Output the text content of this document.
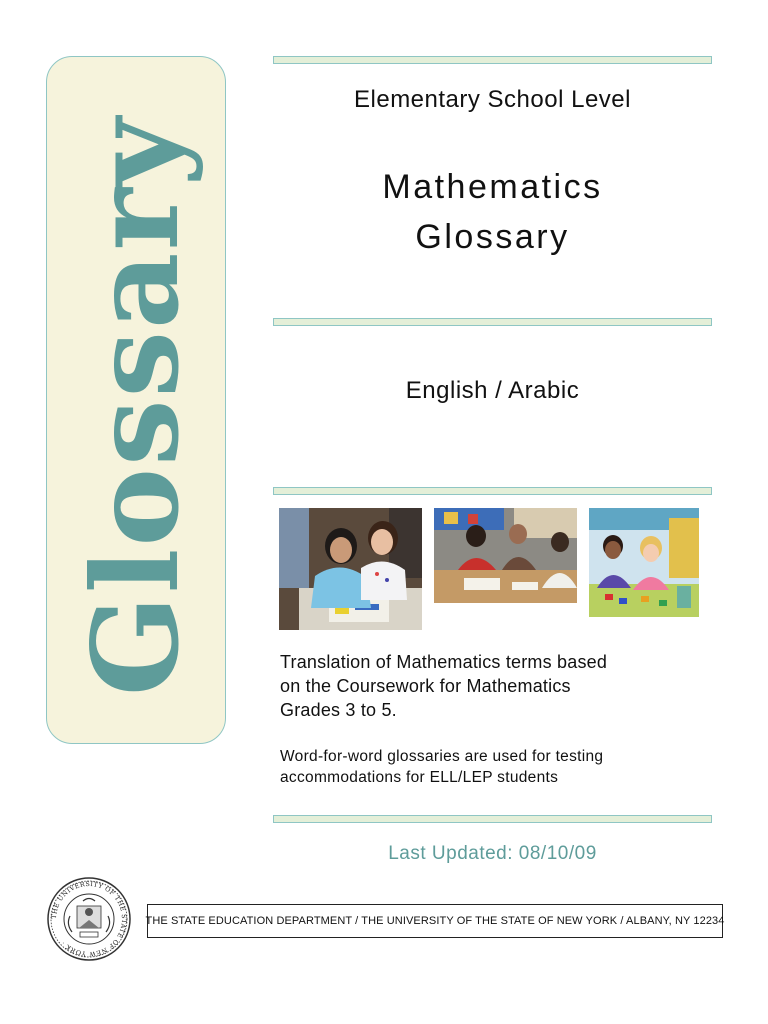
Glossary
Elementary School Level
Mathematics
Glossary
English / Arabic
Translation of Mathematics terms based
on the Coursework for Mathematics
Grades 3 to 5.
Word-for-word glossaries are used for testing
accommodations for ELL/LEP students
Last Updated: 08/10/09
THE UNIVERSITY OF THE STATE OF NEW YORK ·
THE STATE EDUCATION DEPARTMENT / THE UNIVERSITY OF THE STATE OF NEW YORK / ALBANY, NY 12234
